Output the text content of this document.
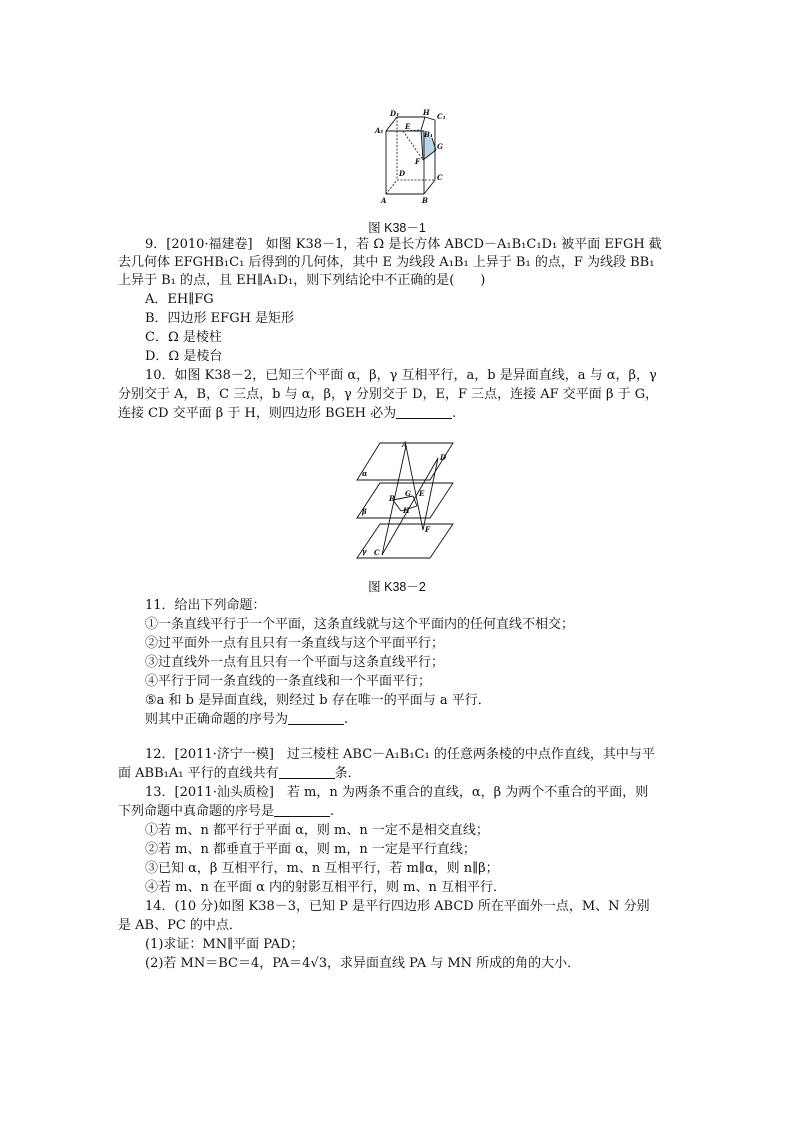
D₁	H C₁
A₁	E
B₁
G
F
D	C
A	B
图 K38－1
9．[2010·福建卷]　如图 K38－1，若 Ω 是长方体 ABCD－A₁B₁C₁D₁ 被平面 EFGH 截
去几何体 EFGHB₁C₁ 后得到的几何体，其中 E 为线段 A₁B₁ 上异于 B₁ 的点，F 为线段 BB₁
上异于 B₁ 的点，且 EH∥A₁D₁，则下列结论中不正确的是(　　)
A．EH∥FG
B．四边形 EFGH 是矩形
C．Ω 是棱柱
D．Ω 是棱台
10．如图 K38－2，已知三个平面 α，β，γ 互相平行，a，b 是异面直线，a 与 α，β，γ
分别交于 A，B，C 三点，b 与 α，β，γ 分别交于 D，E，F 三点，连接 AF 交平面 β 于 G，
连接 CD 交平面 β 于 H，则四边形 BGEH 必为	.
A
D
α
G E
B
H
β
F
C
γ
图 K38－2
11．给出下列命题：
①一条直线平行于一个平面，这条直线就与这个平面内的任何直线不相交；
②过平面外一点有且只有一条直线与这个平面平行；
③过直线外一点有且只有一个平面与这条直线平行；
④平行于同一条直线的一条直线和一个平面平行；
⑤a 和 b 是异面直线，则经过 b 存在唯一的平面与 a 平行．
则其中正确命题的序号为	.
12．[2011·济宁一模]　过三棱柱 ABC－A₁B₁C₁ 的任意两条棱的中点作直线，其中与平
面 ABB₁A₁ 平行的直线共有	条．
13．[2011·汕头质检]　若 m，n 为两条不重合的直线，α，β 为两个不重合的平面，则
下列命题中真命题的序号是	.
①若 m、n 都平行于平面 α，则 m、n 一定不是相交直线；
②若 m、n 都垂直于平面 α，则 m，n 一定是平行直线；
③已知 α，β 互相平行，m、n 互相平行，若 m∥α，则 n∥β；
④若 m、n 在平面 α 内的射影互相平行，则 m、n 互相平行．
14．(10 分)如图 K38－3，已知 P 是平行四边形 ABCD 所在平面外一点，M、N 分别
是 AB、PC 的中点．
(1)求证：MN∥平面 PAD；
(2)若 MN＝BC＝4，PA＝4√3，求异面直线 PA 与 MN 所成的角的大小．
